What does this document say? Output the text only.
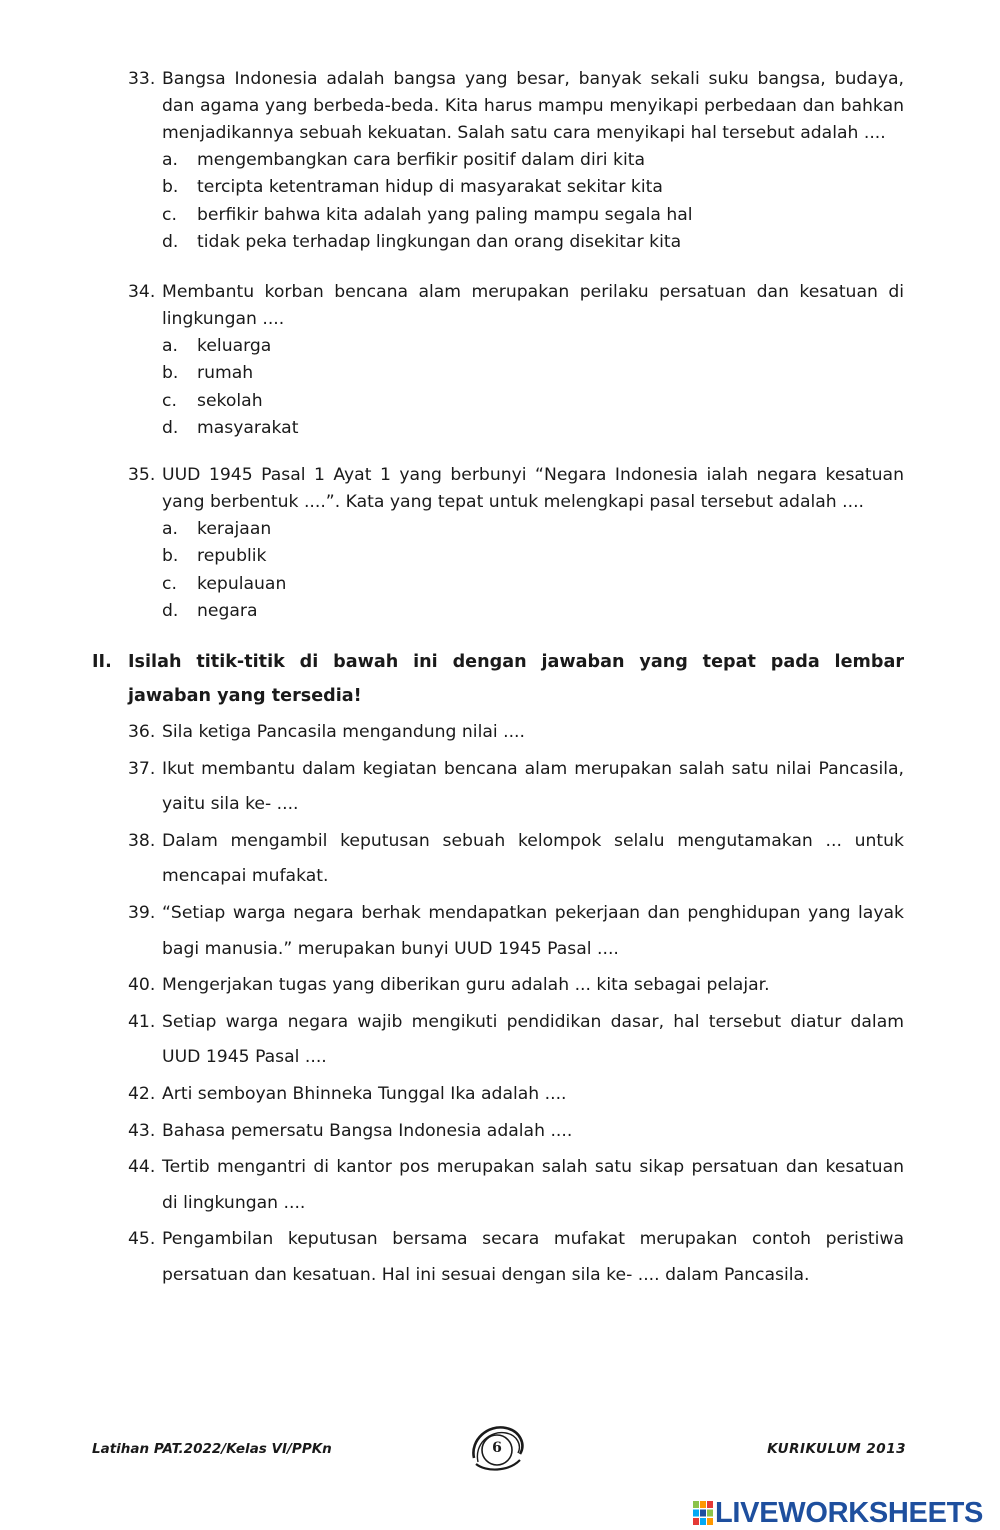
33. Bangsa Indonesia adalah bangsa yang besar, banyak sekali suku bangsa, budaya, dan agama yang berbeda-beda. Kita harus mampu menyikapi perbedaan dan bahkan menjadikannya sebuah kekuatan. Salah satu cara menyikapi hal tersebut adalah ....
a.	mengembangkan cara berfikir positif dalam diri kita
b.	tercipta ketentraman hidup di masyarakat sekitar kita
c.	berfikir bahwa kita adalah yang paling mampu segala hal
d.	tidak peka terhadap lingkungan dan orang disekitar kita
34. Membantu korban bencana alam merupakan perilaku persatuan dan kesatuan di lingkungan ....
a.	keluarga
b.	rumah
c.	sekolah
d.	masyarakat
35. UUD 1945 Pasal 1 Ayat 1 yang berbunyi “Negara Indonesia ialah negara kesatuan yang berbentuk ....”. Kata yang tepat untuk melengkapi pasal tersebut adalah ....
a.	kerajaan
b.	republik
c.	kepulauan
d.	negara
II. Isilah titik-titik di bawah ini dengan jawaban yang tepat pada lembar jawaban yang tersedia!
36. Sila ketiga Pancasila mengandung nilai ....
37. Ikut membantu dalam kegiatan bencana alam merupakan salah satu nilai Pancasila, yaitu sila ke- ....
38. Dalam mengambil keputusan sebuah kelompok selalu mengutamakan ... untuk mencapai mufakat.
39. “Setiap warga negara berhak mendapatkan pekerjaan dan penghidupan yang layak bagi manusia.” merupakan bunyi UUD 1945 Pasal ....
40. Mengerjakan tugas yang diberikan guru adalah ... kita sebagai pelajar.
41. Setiap warga negara wajib mengikuti pendidikan dasar, hal tersebut diatur dalam UUD 1945 Pasal ....
42. Arti semboyan Bhinneka Tunggal Ika adalah ....
43. Bahasa pemersatu Bangsa Indonesia adalah ....
44. Tertib mengantri di kantor pos merupakan salah satu sikap persatuan dan kesatuan di lingkungan ....
45. Pengambilan keputusan bersama secara mufakat merupakan contoh peristiwa persatuan dan kesatuan. Hal ini sesuai dengan sila ke- .... dalam Pancasila.
Latihan PAT.2022/Kelas VI/PPKn	KURIKULUM 2013
6
LIVEWORKSHEETS
